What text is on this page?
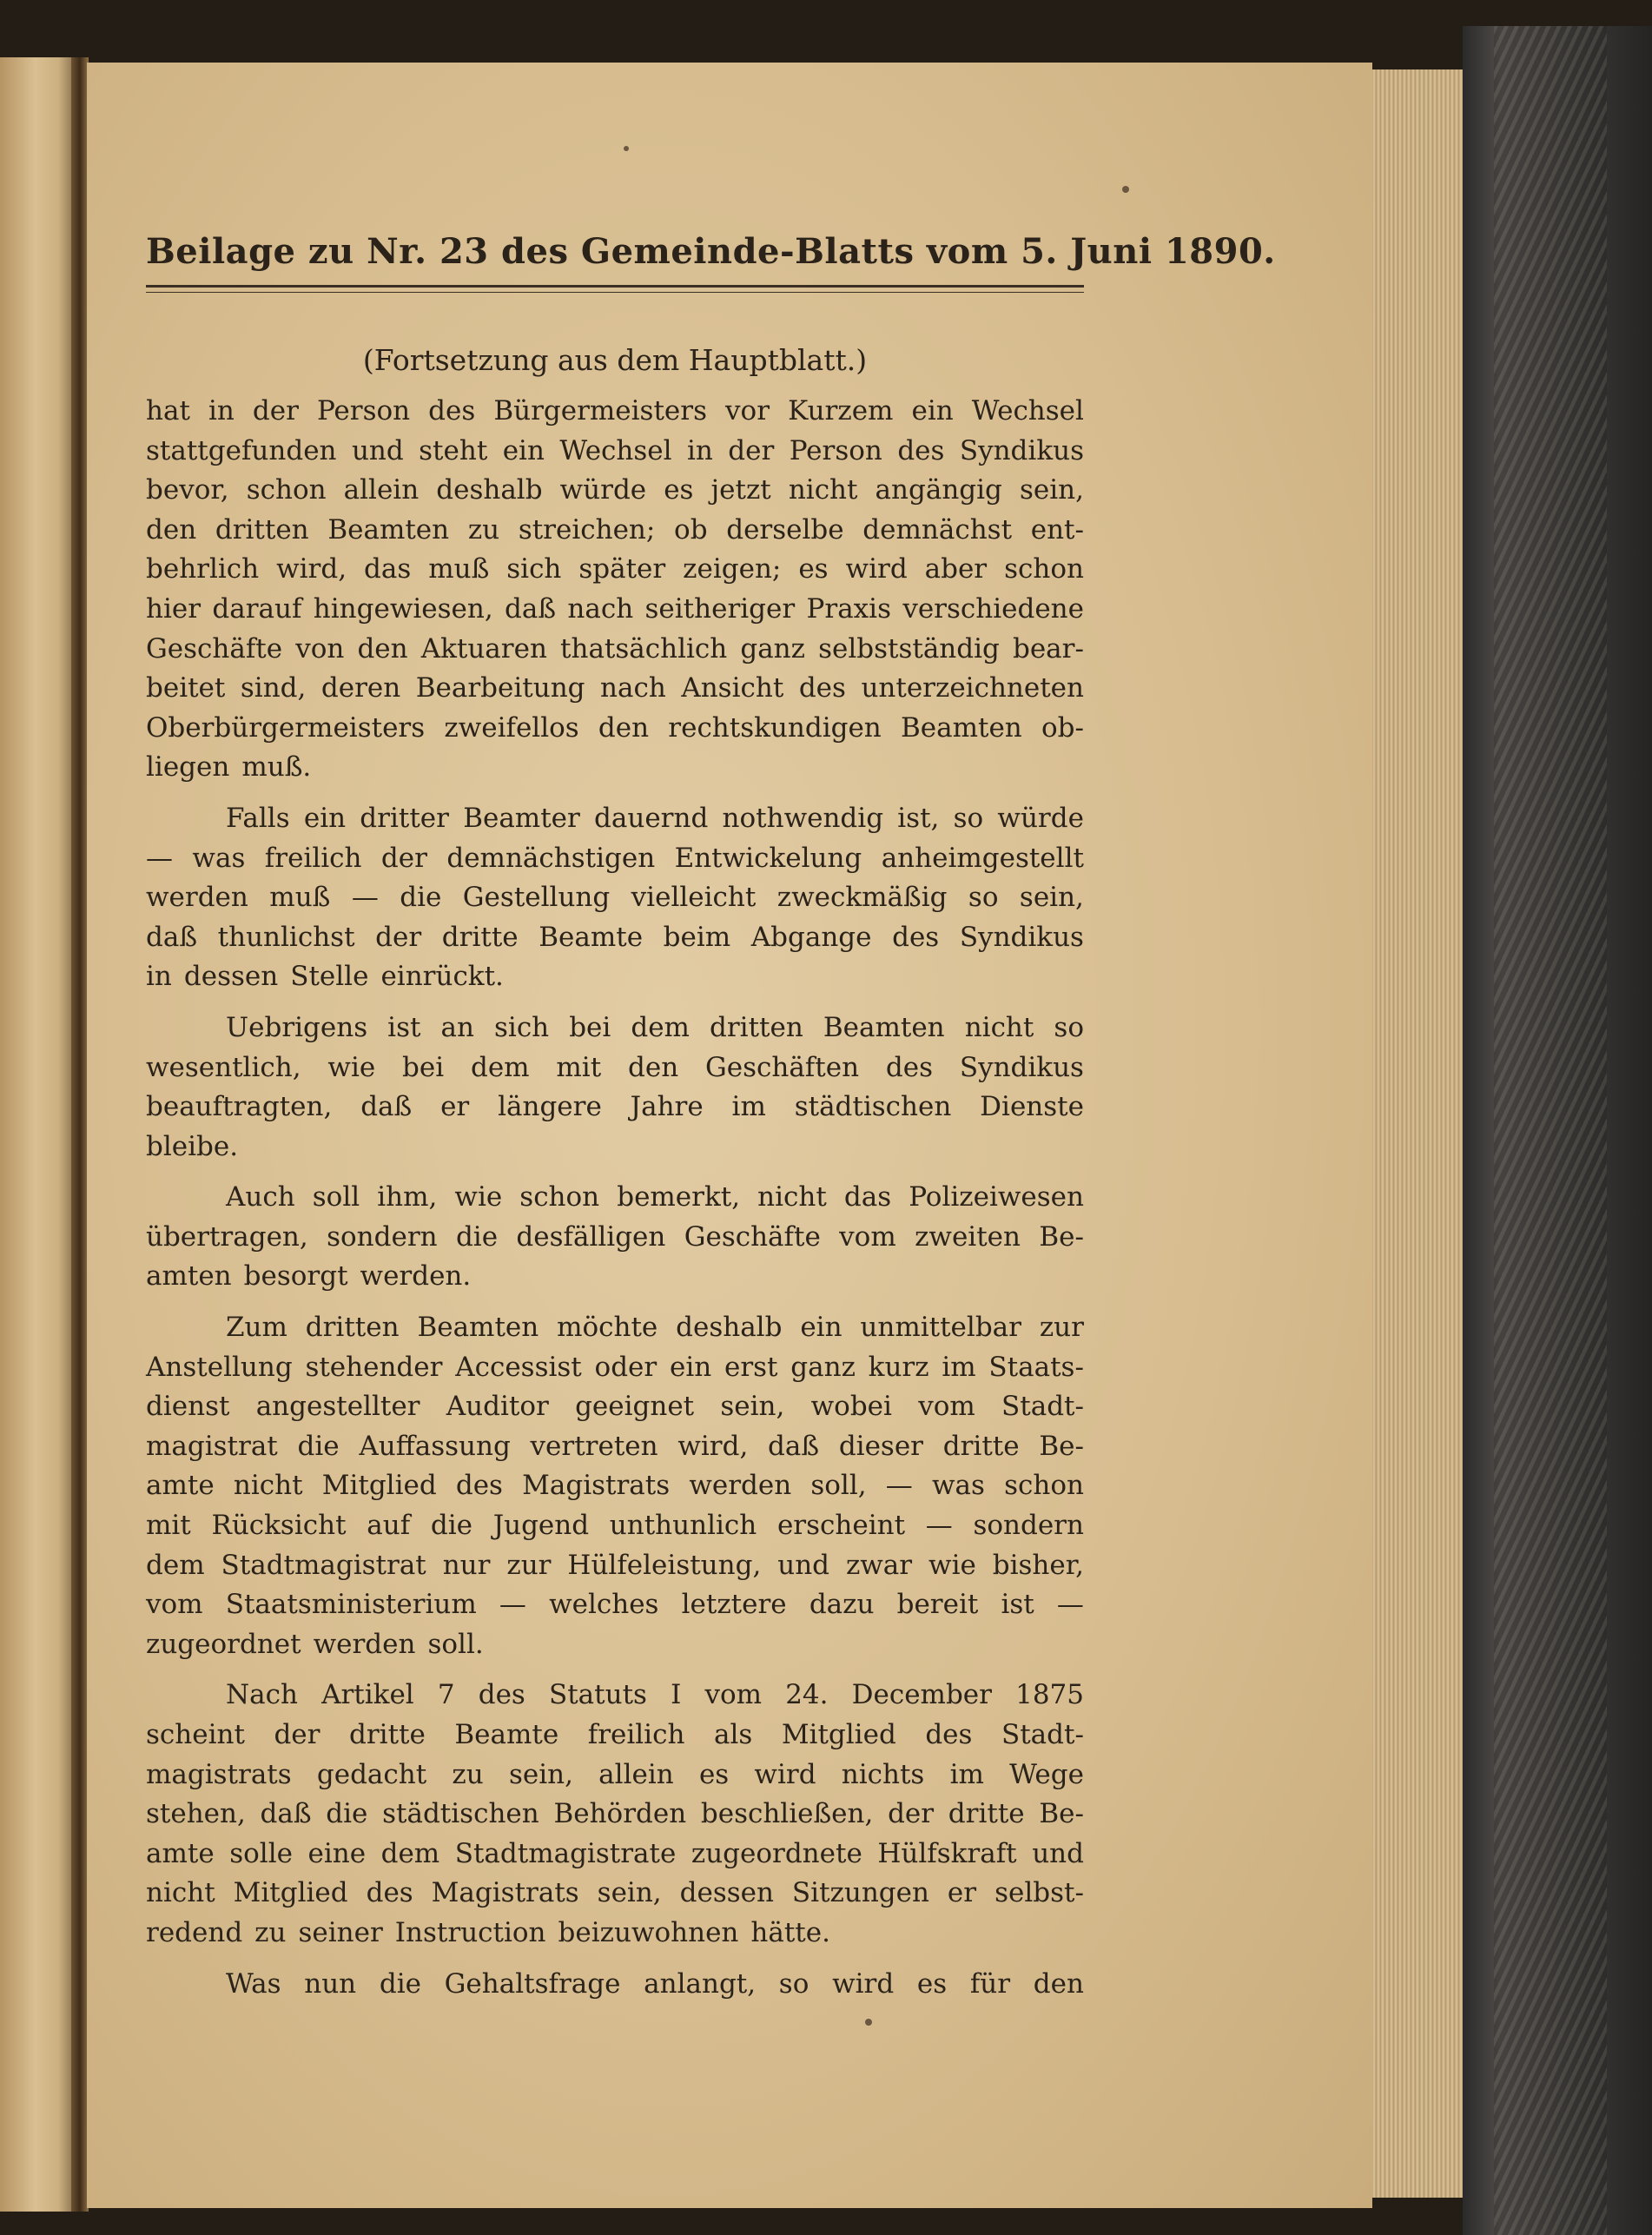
Beilage zu Nr. 23 des Gemeinde-Blatts vom 5. Juni 1890.
(Fortsetzung aus dem Hauptblatt.)
hat in der Person des Bürgermeisters vor Kurzem ein Wechsel
stattgefunden und steht ein Wechsel in der Person des Syndikus
bevor, schon allein deshalb würde es jetzt nicht angängig sein,
den dritten Beamten zu streichen; ob derselbe demnächst ent-
behrlich wird, das muß sich später zeigen; es wird aber schon
hier darauf hingewiesen, daß nach seitheriger Praxis verschiedene
Geschäfte von den Aktuaren thatsächlich ganz selbstständig bear-
beitet sind, deren Bearbeitung nach Ansicht des unterzeichneten
Oberbürgermeisters zweifellos den rechtskundigen Beamten ob-
liegen muß.
Falls ein dritter Beamter dauernd nothwendig ist, so würde
— was freilich der demnächstigen Entwickelung anheimgestellt
werden muß — die Gestellung vielleicht zweckmäßig so sein,
daß thunlichst der dritte Beamte beim Abgange des Syndikus
in dessen Stelle einrückt.
Uebrigens ist an sich bei dem dritten Beamten nicht so
wesentlich, wie bei dem mit den Geschäften des Syndikus
beauftragten, daß er längere Jahre im städtischen Dienste
bleibe.
Auch soll ihm, wie schon bemerkt, nicht das Polizeiwesen
übertragen, sondern die desfälligen Geschäfte vom zweiten Be-
amten besorgt werden.
Zum dritten Beamten möchte deshalb ein unmittelbar zur
Anstellung stehender Accessist oder ein erst ganz kurz im Staats-
dienst angestellter Auditor geeignet sein, wobei vom Stadt-
magistrat die Auffassung vertreten wird, daß dieser dritte Be-
amte nicht Mitglied des Magistrats werden soll, — was schon
mit Rücksicht auf die Jugend unthunlich erscheint — sondern
dem Stadtmagistrat nur zur Hülfeleistung, und zwar wie bisher,
vom Staatsministerium — welches letztere dazu bereit ist —
zugeordnet werden soll.
Nach Artikel 7 des Statuts I vom 24. December 1875
scheint der dritte Beamte freilich als Mitglied des Stadt-
magistrats gedacht zu sein, allein es wird nichts im Wege
stehen, daß die städtischen Behörden beschließen, der dritte Be-
amte solle eine dem Stadtmagistrate zugeordnete Hülfskraft und
nicht Mitglied des Magistrats sein, dessen Sitzungen er selbst-
redend zu seiner Instruction beizuwohnen hätte.
Was nun die Gehaltsfrage anlangt, so wird es für den
